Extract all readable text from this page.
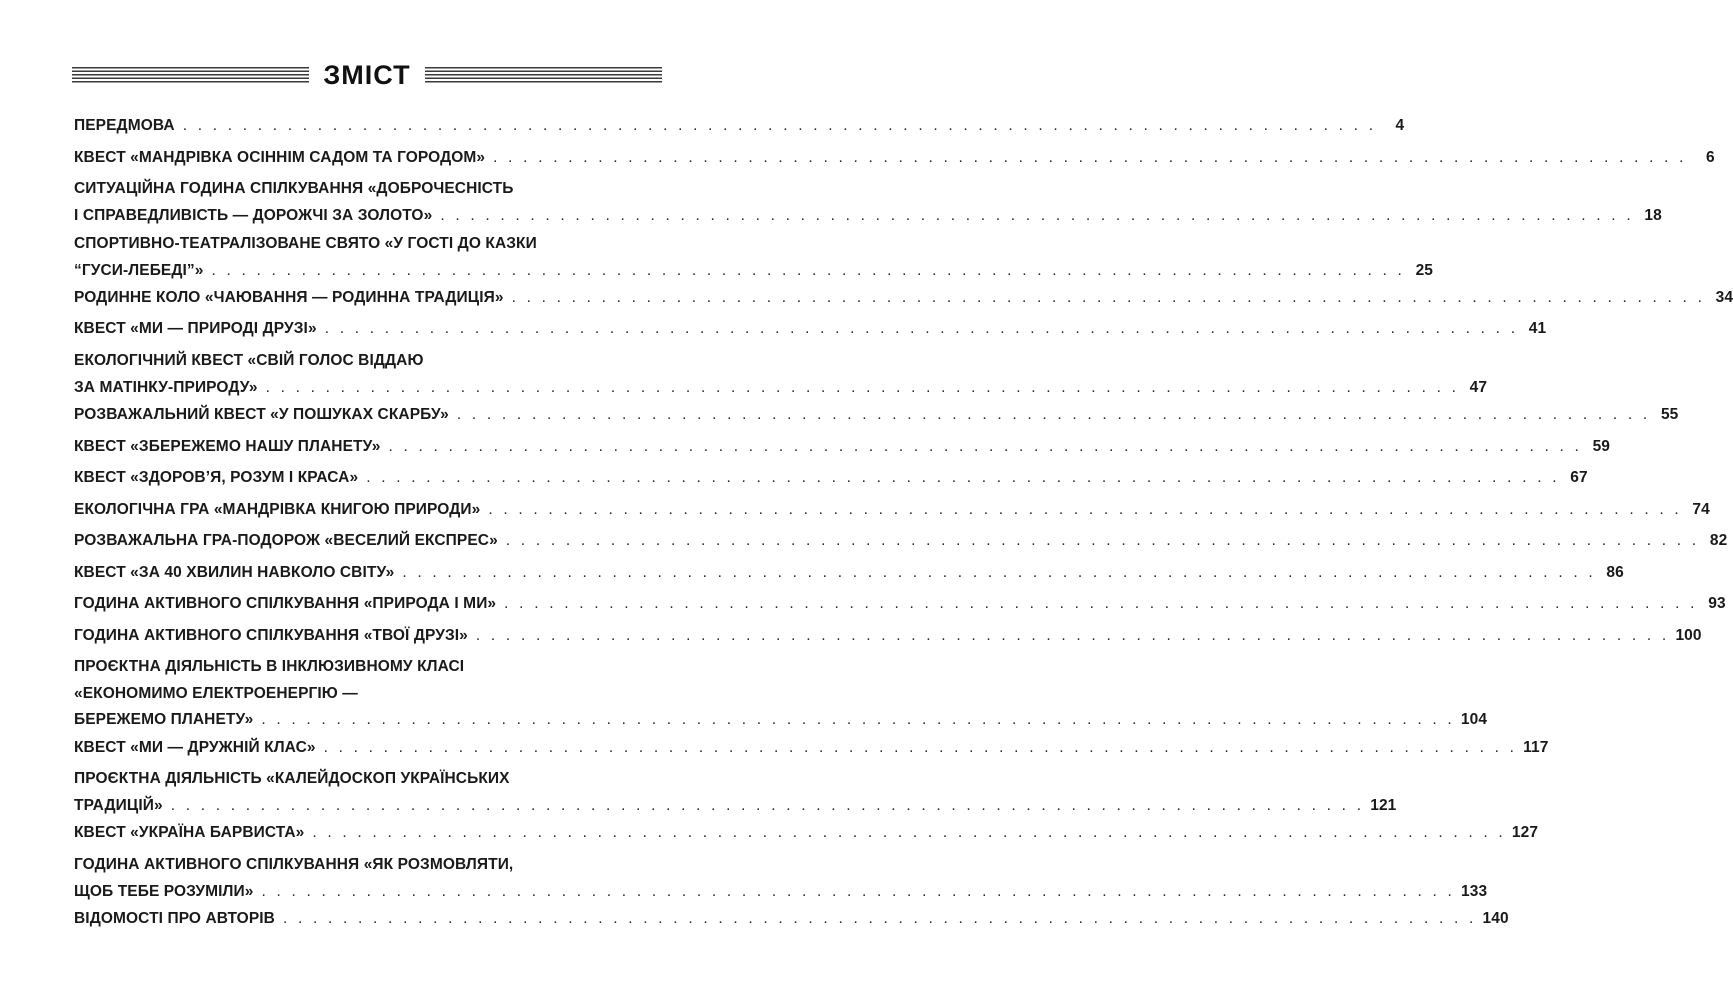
ЗМІСТ
ПЕРЕДМОВА . . . . . . . . . . . . . . . . . . . . . . . . . . . . . . . . . . . . . . . . . . . . . . . . . . . . . . . . . . . . . . . . . . . . . . . . . . . . . . . .	4
КВЕСТ «МАНДРІВКА ОСІННІМ САДОМ ТА ГОРОДОМ» . . . . . . . . . . . . . . . . . . . . . . . . . . . . . . . . . . . . . . . . . . . . . . . . . . . . . . . . . . . . . . . . . . . . . . . . . . . . . . . .	6
СИТУАЦІЙНА ГОДИНА СПІЛКУВАННЯ «ДОБРОЧЕСНІСТЬ
І СПРАВЕДЛИВІСТЬ — ДОРОЖЧІ ЗА ЗОЛОТО» . . . . . . . . . . . . . . . . . . . . . . . . . . . . . . . . . . . . . . . . . . . . . . . . . . . . . . . . . . . . . . . . . . . . . . . . . . . . . . . . 18
СПОРТИВНО-ТЕАТРАЛІЗОВАНЕ СВЯТО «У ГОСТІ ДО КАЗКИ
“ГУСИ-ЛЕБЕДІ”» . . . . . . . . . . . . . . . . . . . . . . . . . . . . . . . . . . . . . . . . . . . . . . . . . . . . . . . . . . . . . . . . . . . . . . . . . . . . . . . . 25
РОДИННЕ КОЛО «ЧАЮВАННЯ — РОДИННА ТРАДИЦІЯ» . . . . . . . . . . . . . . . . . . . . . . . . . . . . . . . . . . . . . . . . . . . . . . . . . . . . . . . . . . . . . . . . . . . . . . . . . . . . . . . . 34
КВЕСТ «МИ — ПРИРОДІ ДРУЗІ» . . . . . . . . . . . . . . . . . . . . . . . . . . . . . . . . . . . . . . . . . . . . . . . . . . . . . . . . . . . . . . . . . . . . . . . . . . . . . . . . 41
ЕКОЛОГІЧНИЙ КВЕСТ «СВІЙ ГОЛОС ВІДДАЮ
ЗА МАТІНКУ-ПРИРОДУ» . . . . . . . . . . . . . . . . . . . . . . . . . . . . . . . . . . . . . . . . . . . . . . . . . . . . . . . . . . . . . . . . . . . . . . . . . . . . . . . . 47
РОЗВАЖАЛЬНИЙ КВЕСТ «У ПОШУКАХ СКАРБУ» . . . . . . . . . . . . . . . . . . . . . . . . . . . . . . . . . . . . . . . . . . . . . . . . . . . . . . . . . . . . . . . . . . . . . . . . . . . . . . . . 55
КВЕСТ «ЗБЕРЕЖЕМО НАШУ ПЛАНЕТУ» . . . . . . . . . . . . . . . . . . . . . . . . . . . . . . . . . . . . . . . . . . . . . . . . . . . . . . . . . . . . . . . . . . . . . . . . . . . . . . . . 59
КВЕСТ «ЗДОРОВ’Я, РОЗУМ І КРАСА» . . . . . . . . . . . . . . . . . . . . . . . . . . . . . . . . . . . . . . . . . . . . . . . . . . . . . . . . . . . . . . . . . . . . . . . . . . . . . . . . 67
ЕКОЛОГІЧНА ГРА «МАНДРІВКА КНИГОЮ ПРИРОДИ» . . . . . . . . . . . . . . . . . . . . . . . . . . . . . . . . . . . . . . . . . . . . . . . . . . . . . . . . . . . . . . . . . . . . . . . . . . . . . . . . 74
РОЗВАЖАЛЬНА ГРА-ПОДОРОЖ «ВЕСЕЛИЙ ЕКСПРЕС» . . . . . . . . . . . . . . . . . . . . . . . . . . . . . . . . . . . . . . . . . . . . . . . . . . . . . . . . . . . . . . . . . . . . . . . . . . . . . . . . 82
КВЕСТ «ЗА 40 ХВИЛИН НАВКОЛО СВІТУ» . . . . . . . . . . . . . . . . . . . . . . . . . . . . . . . . . . . . . . . . . . . . . . . . . . . . . . . . . . . . . . . . . . . . . . . . . . . . . . . . 86
ГОДИНА АКТИВНОГО СПІЛКУВАННЯ «ПРИРОДА І МИ» . . . . . . . . . . . . . . . . . . . . . . . . . . . . . . . . . . . . . . . . . . . . . . . . . . . . . . . . . . . . . . . . . . . . . . . . . . . . . . . . 93
ГОДИНА АКТИВНОГО СПІЛКУВАННЯ «ТВОЇ ДРУЗІ» . . . . . . . . . . . . . . . . . . . . . . . . . . . . . . . . . . . . . . . . . . . . . . . . . . . . . . . . . . . . . . . . . . . . . . . . . . . . . . . . 100
ПРОЄКТНА ДІЯЛЬНІСТЬ В ІНКЛЮЗИВНОМУ КЛАСІ
«ЕКОНОМИМО ЕЛЕКТРОЕНЕРГІЮ —
БЕРЕЖЕМО ПЛАНЕТУ» . . . . . . . . . . . . . . . . . . . . . . . . . . . . . . . . . . . . . . . . . . . . . . . . . . . . . . . . . . . . . . . . . . . . . . . . . . . . . . . . 104
КВЕСТ «МИ — ДРУЖНІЙ КЛАС» . . . . . . . . . . . . . . . . . . . . . . . . . . . . . . . . . . . . . . . . . . . . . . . . . . . . . . . . . . . . . . . . . . . . . . . . . . . . . . . . 117
ПРОЄКТНА ДІЯЛЬНІСТЬ «КАЛЕЙДОСКОП УКРАЇНСЬКИХ
ТРАДИЦІЙ» . . . . . . . . . . . . . . . . . . . . . . . . . . . . . . . . . . . . . . . . . . . . . . . . . . . . . . . . . . . . . . . . . . . . . . . . . . . . . . . . 121
КВЕСТ «УКРАЇНА БАРВИСТА» . . . . . . . . . . . . . . . . . . . . . . . . . . . . . . . . . . . . . . . . . . . . . . . . . . . . . . . . . . . . . . . . . . . . . . . . . . . . . . . . 127
ГОДИНА АКТИВНОГО СПІЛКУВАННЯ «ЯК РОЗМОВЛЯТИ,
ЩОБ ТЕБЕ РОЗУМІЛИ» . . . . . . . . . . . . . . . . . . . . . . . . . . . . . . . . . . . . . . . . . . . . . . . . . . . . . . . . . . . . . . . . . . . . . . . . . . . . . . . . 133
ВІДОМОСТІ ПРО АВТОРІВ . . . . . . . . . . . . . . . . . . . . . . . . . . . . . . . . . . . . . . . . . . . . . . . . . . . . . . . . . . . . . . . . . . . . . . . . . . . . . . . . 140
